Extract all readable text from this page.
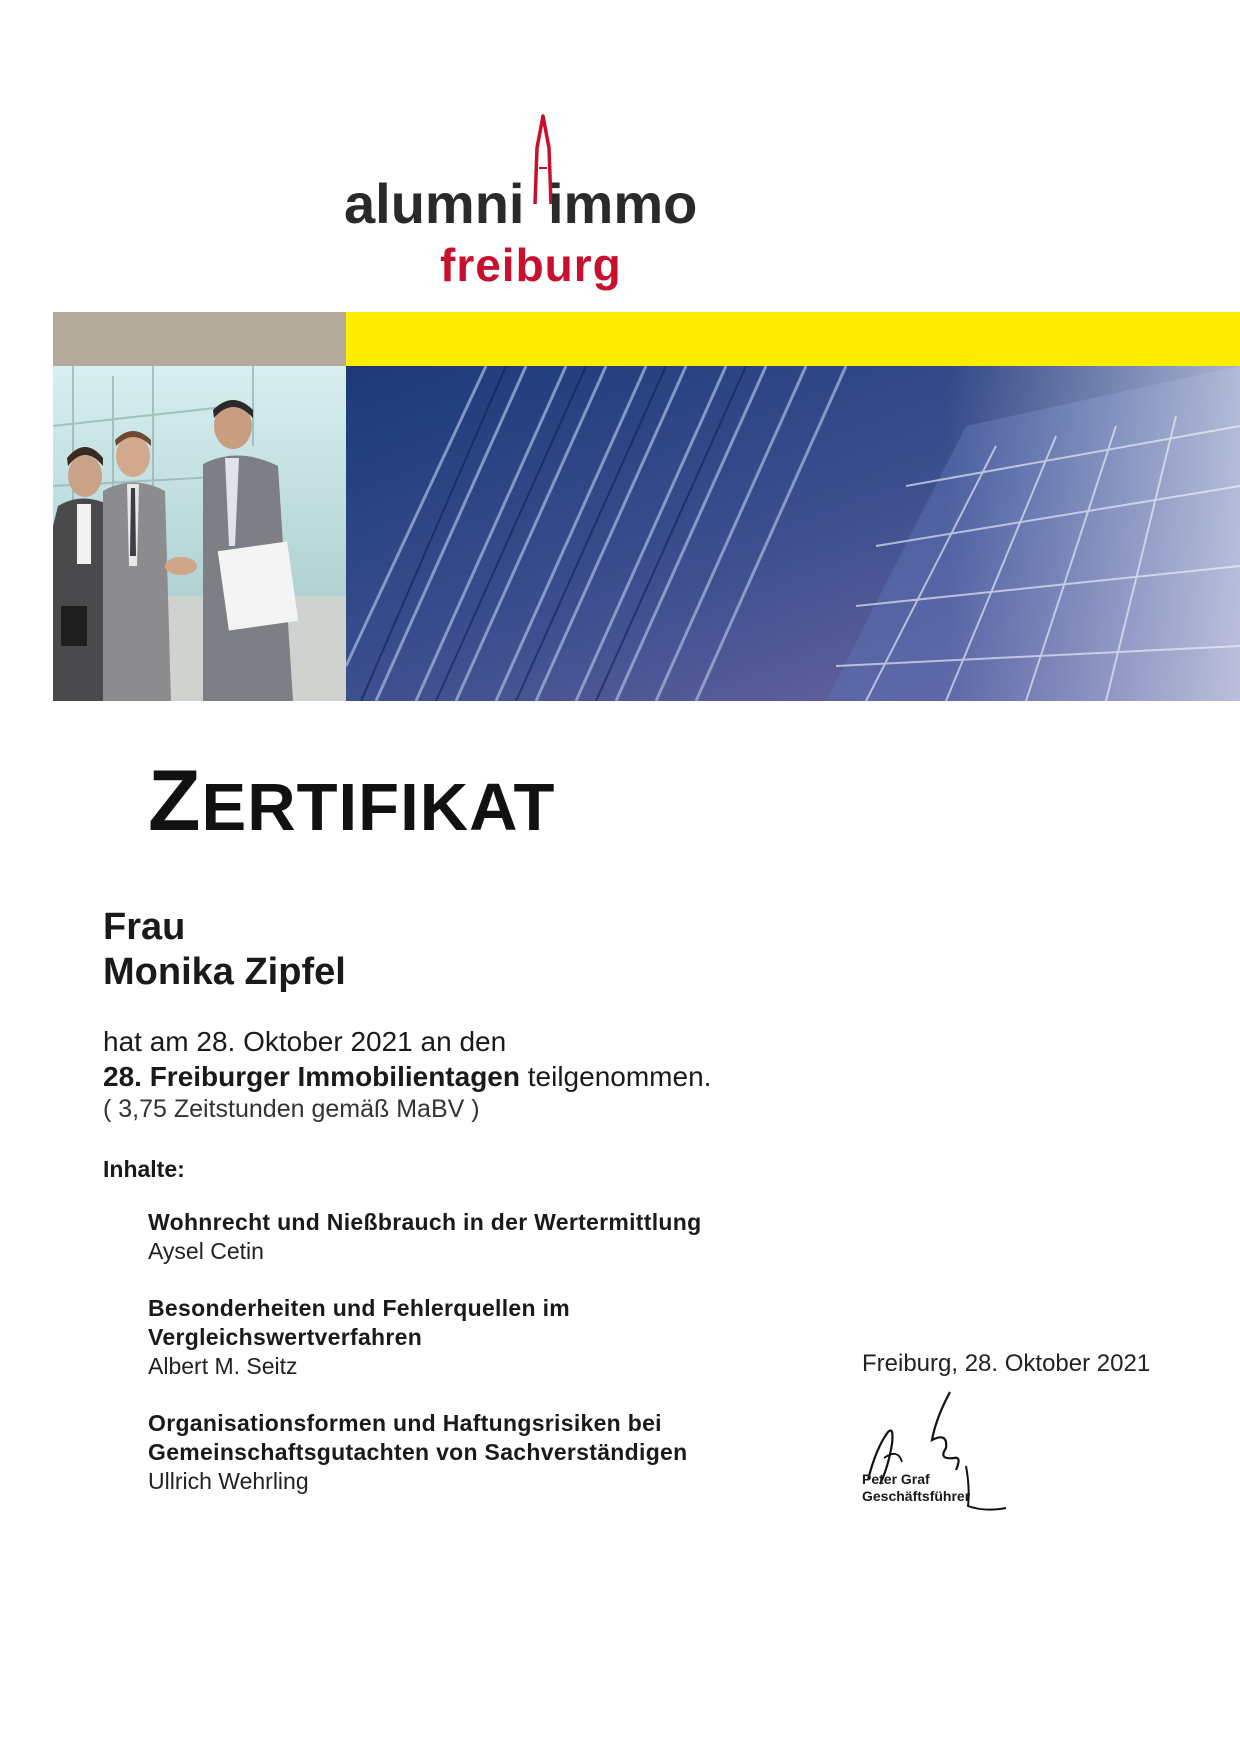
alumni immo
freiburg
ZERTIFIKAT
Frau
Monika Zipfel
hat am 28. Oktober 2021 an den
28. Freiburger Immobilientagen teilgenommen.
( 3,75 Zeitstunden gemäß MaBV )
Inhalte:
Wohnrecht und Nießbrauch in der Wertermittlung
Aysel Cetin
Besonderheiten und Fehlerquellen im
Vergleichswertverfahren
Albert M. Seitz
Organisationsformen und Haftungsrisiken bei
Gemeinschaftsgutachten von Sachverständigen
Ullrich Wehrling
Freiburg, 28. Oktober 2021
Peter Graf
Geschäftsführer
